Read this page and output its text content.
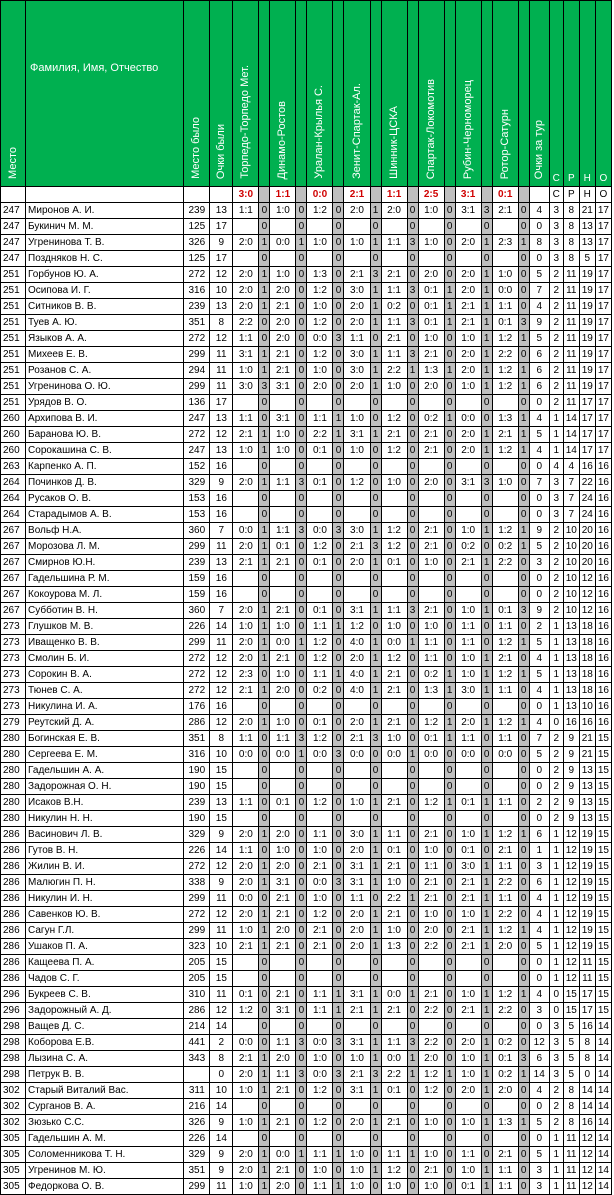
Место	Фамилия, Имя, Отчество	Место было	Очки были	Торпедо-Торпедо Мет.		Динамо-Ростов		Уралан-Крылья С.		Зенит-Спартак-Ал.		Шинник-ЦСКА		Спартак-Локомотив		Рубин-Черноморец		Ротор-Сатурн		Очки за тур	С	Р	Н	О
				3:0		1:1		0:0		2:1		1:1		2:5		3:1		0:1			С	Р	Н	О
247	Миронов А. И.	239	13	1:1	0	1:0	0	1:2	0	2:0	1	2:0	0	1:0	0	3:1	3	2:1	0	4	3	8	21	17
247	Букинич М. М.	125	17		0		0		0		0		0		0		0		0	0	3	8	13	17
247	Угренинова Т. В.	326	9	2:0	1	0:0	1	1:0	0	1:0	1	1:1	3	1:0	0	2:0	1	2:3	1	8	3	8	13	17
247	Поздняков Н. С.	125	17		0		0		0		0		0		0		0		0	0	3	8	5	17
251	Горбунов Ю. А.	272	12	2:0	1	1:0	0	1:3	0	2:1	3	2:1	0	2:0	0	2:0	1	1:0	0	5	2	11	19	17
251	Осипова И. Г.	316	10	2:0	1	2:0	0	1:2	0	3:0	1	1:1	3	0:1	1	2:0	1	0:0	0	7	2	11	19	17
251	Ситников В. В.	239	13	2:0	1	2:1	0	1:0	0	2:0	1	0:2	0	0:1	1	2:1	1	1:1	0	4	2	11	19	17
251	Туев А. Ю.	351	8	2:2	0	2:0	0	1:2	0	2:0	1	1:1	3	0:1	1	2:1	1	0:1	3	9	2	11	19	17
251	Языков А. А.	272	12	1:1	0	2:0	0	0:0	3	1:1	0	2:1	0	1:0	0	1:0	1	1:2	1	5	2	11	19	17
251	Михеев Е. В.	299	11	3:1	1	2:1	0	1:2	0	3:0	1	1:1	3	2:1	0	2:0	1	2:2	0	6	2	11	19	17
251	Розанов С. А.	294	11	1:0	1	2:1	0	1:0	0	3:0	1	2:2	1	1:3	1	2:0	1	1:2	1	6	2	11	19	17
251	Угренинова О. Ю.	299	11	3:0	3	3:1	0	2:0	0	2:0	1	1:0	0	2:0	0	1:0	1	1:2	1	6	2	11	19	17
251	Урядов В. О.	136	17		0		0		0		0		0		0		0		0	0	2	11	17	17
260	Архипова В. И.	247	13	1:1	0	3:1	0	1:1	1	1:0	0	1:2	0	0:2	1	0:0	0	1:3	1	4	1	14	17	17
260	Баранова Ю. В.	272	12	2:1	1	1:0	0	2:2	1	3:1	1	2:1	0	2:1	0	2:0	1	2:1	1	5	1	14	17	17
260	Сорокашина С. В.	247	13	1:0	1	1:0	0	0:1	0	1:0	0	1:2	0	2:1	0	2:0	1	1:2	1	4	1	14	17	17
263	Карпенко А. П.	152	16		0		0		0		0		0		0		0		0	0	4	4	16	16
264	Починков Д. В.	329	9	2:0	1	1:1	3	0:1	0	1:2	0	1:0	0	2:0	0	3:1	3	1:0	0	7	3	7	22	16
264	Русаков О. В.	153	16		0		0		0		0		0		0		0		0	0	3	7	24	16
264	Старадымов А. В.	153	16		0		0		0		0		0		0		0		0	0	3	7	24	16
267	Вольф Н.А.	360	7	0:0	1	1:1	3	0:0	3	3:0	1	1:2	0	2:1	0	1:0	1	1:2	1	9	2	10	20	16
267	Морозова Л. М.	299	11	2:0	1	0:1	0	1:2	0	2:1	3	1:2	0	2:1	0	0:2	0	0:2	1	5	2	10	20	16
267	Смирнов Ю.Н.	239	13	2:1	1	2:1	0	0:1	0	2:0	1	0:1	0	1:0	0	2:1	1	2:2	0	3	2	10	20	16
267	Гадельшина Р. М.	159	16		0		0		0		0		0		0		0		0	0	2	10	12	16
267	Кокоурова М. Л.	159	16		0		0		0		0		0		0		0		0	0	2	10	12	16
267	Субботин В. Н.	360	7	2:0	1	2:1	0	0:1	0	3:1	1	1:1	3	2:1	0	1:0	1	0:1	3	9	2	10	12	16
273	Глушков М. В.	226	14	1:0	1	1:0	0	1:1	1	1:2	0	1:0	0	1:0	0	1:1	0	1:1	0	2	1	13	18	16
273	Иващенко В. В.	299	11	2:0	1	0:0	1	1:2	0	4:0	1	0:0	1	1:1	0	1:1	0	1:2	1	5	1	13	18	16
273	Смолин Б. И.	272	12	2:0	1	2:1	0	1:2	0	2:0	1	1:2	0	1:1	0	1:0	1	2:1	0	4	1	13	18	16
273	Сорокин В. А.	272	12	2:3	0	1:0	0	1:1	1	4:0	1	2:1	0	0:2	1	1:0	1	1:2	1	5	1	13	18	16
273	Тюнев С. А.	272	12	2:1	1	2:0	0	0:2	0	4:0	1	2:1	0	1:3	1	3:0	1	1:1	0	4	1	13	18	16
273	Никулина И. А.	176	16		0		0		0		0		0		0		0		0	0	1	13	10	16
279	Реутский Д. А.	286	12	2:0	1	1:0	0	0:1	0	2:0	1	2:1	0	1:2	1	2:0	1	1:2	1	4	0	16	16	16
280	Богинская Е. В.	351	8	1:1	0	1:1	3	1:2	0	2:1	3	1:0	0	0:1	1	1:1	0	1:1	0	7	2	9	21	15
280	Сергеева Е. М.	316	10	0:0	0	0:0	1	0:0	3	0:0	0	0:0	1	0:0	0	0:0	0	0:0	0	5	2	9	21	15
280	Гадельшин А. А.	190	15		0		0		0		0		0		0		0		0	0	2	9	13	15
280	Задорожная О. Н.	190	15		0		0		0		0		0		0		0		0	0	2	9	13	15
280	Исаков В.Н.	239	13	1:1	0	0:1	0	1:2	0	1:0	1	2:1	0	1:2	1	0:1	1	1:1	0	2	2	9	13	15
280	Никулин Н. Н.	190	15		0		0		0		0		0		0		0		0	0	2	9	13	15
286	Васинович Л. В.	329	9	2:0	1	2:0	0	1:1	0	3:0	1	1:1	0	2:1	0	1:0	1	1:2	1	6	1	12	19	15
286	Гутов В. Н.	226	14	1:1	0	1:0	0	1:0	0	2:0	1	0:1	0	1:0	0	0:1	0	2:1	0	1	1	12	19	15
286	Жилин В. И.	272	12	2:0	1	2:0	0	2:1	0	3:1	1	2:1	0	1:1	0	3:0	1	1:1	0	3	1	12	19	15
286	Малюгин П. Н.	338	9	2:0	1	3:1	0	0:0	3	3:1	1	1:0	0	2:1	0	2:1	1	2:2	0	6	1	12	19	15
286	Никулин И. Н.	299	11	0:0	0	2:1	0	1:0	0	1:1	0	2:2	1	2:1	0	2:1	1	1:1	0	4	1	12	19	15
286	Савенков Ю. В.	272	12	2:0	1	2:1	0	1:2	0	2:0	1	2:1	0	1:0	0	1:0	1	2:2	0	4	1	12	19	15
286	Сагун Г.Л.	299	11	1:0	1	2:0	0	2:1	0	2:0	1	1:0	0	2:0	0	2:1	1	1:2	1	4	1	12	19	15
286	Ушаков П. А.	323	10	2:1	1	2:1	0	2:1	0	2:0	1	1:3	0	2:2	0	2:1	1	2:0	0	5	1	12	19	15
286	Кащеева П. А.	205	15		0		0		0		0		0		0		0		0	0	1	12	11	15
286	Чадов С. Г.	205	15		0		0		0		0		0		0		0		0	0	1	12	11	15
296	Букреев С. В.	310	11	0:1	0	2:1	0	1:1	1	3:1	1	0:0	1	2:1	0	1:0	1	1:2	1	4	0	15	17	15
296	Задорожный А. Д.	286	12	1:2	0	3:1	0	1:1	1	2:1	1	2:1	0	2:2	0	2:1	1	2:2	0	3	0	15	17	15
298	Ващев Д. С.	214	14		0		0		0		0		0		0		0		0	0	3	5	16	14
298	Коборова Е.В.	441	2	0:0	0	1:1	3	0:0	3	3:1	1	1:1	3	2:2	0	2:0	1	0:2	0	12	3	5	8	14
298	Лызина С. А.	343	8	2:1	1	2:0	0	1:0	0	1:0	1	0:0	1	2:0	0	1:0	1	0:1	3	6	3	5	8	14
298	Петрук В. В.		0	2:0	1	1:1	3	0:0	3	2:1	3	2:2	1	1:2	1	1:0	1	0:2	1	14	3	5	0	14
302	Старый Виталий Вас.	311	10	1:0	1	2:1	0	1:2	0	3:1	1	0:1	0	1:2	0	2:0	1	2:0	0	4	2	8	14	14
302	Сурганов В. А.	216	14		0		0		0		0		0		0		0		0	0	2	8	14	14
302	Зюзько С.С.	326	9	1:0	1	2:1	0	1:2	0	2:0	1	2:1	0	1:0	0	1:0	1	1:3	1	5	2	8	16	14
305	Гадельшин А. М.	226	14		0		0		0		0		0		0		0		0	0	1	11	12	14
305	Соломенникова Т. Н.	329	9	2:0	1	0:0	1	1:1	1	1:0	0	1:1	1	1:0	0	1:1	0	2:1	0	5	1	11	12	14
305	Угренинов М. Ю.	351	9	2:0	1	2:1	0	1:0	0	1:0	1	1:2	0	2:1	0	1:0	1	1:1	0	3	1	11	12	14
305	Федоркова О. В.	299	11	1:0	1	2:0	0	1:1	1	1:0	0	1:0	0	1:0	0	0:1	1	1:1	0	3	1	11	12	14
